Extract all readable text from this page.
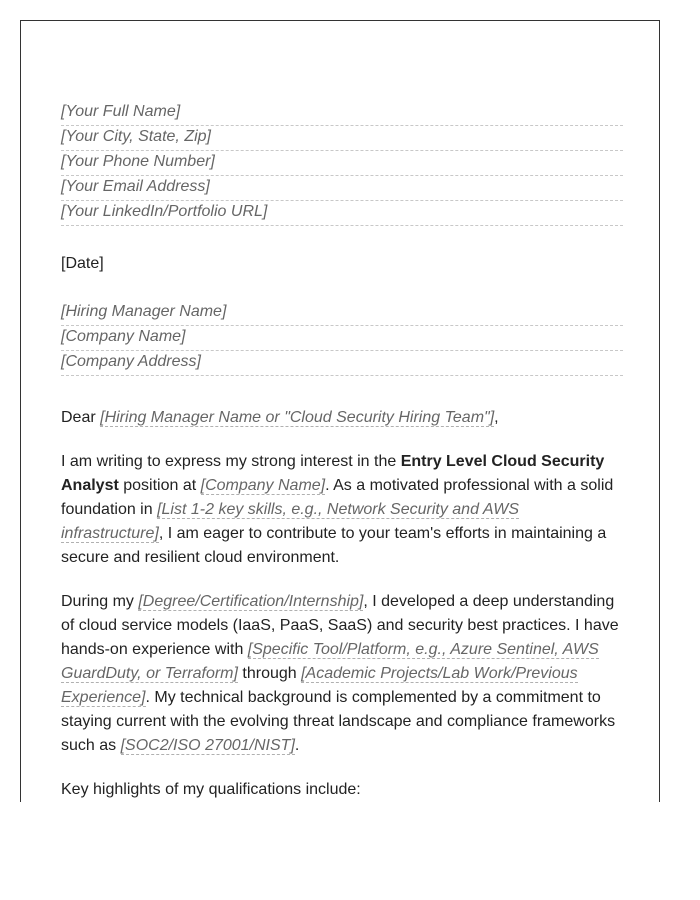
[Your Full Name]
[Your City, State, Zip]
[Your Phone Number]
[Your Email Address]
[Your LinkedIn/Portfolio URL]
[Date]
[Hiring Manager Name]
[Company Name]
[Company Address]

Dear [Hiring Manager Name or "Cloud Security Hiring Team"],

I am writing to express my strong interest in the Entry Level Cloud Security Analyst position at [Company Name]. As a motivated professional with a solid foundation in [List 1-2 key skills, e.g., Network Security and AWS infrastructure], I am eager to contribute to your team's efforts in maintaining a secure and resilient cloud environment.

During my [Degree/Certification/Internship], I developed a deep understanding of cloud service models (IaaS, PaaS, SaaS) and security best practices. I have hands-on experience with [Specific Tool/Platform, e.g., Azure Sentinel, AWS GuardDuty, or Terraform] through [Academic Projects/Lab Work/Previous Experience]. My technical background is complemented by a commitment to staying current with the evolving threat landscape and compliance frameworks such as [SOC2/ISO 27001/NIST].

Key highlights of my qualifications include:
